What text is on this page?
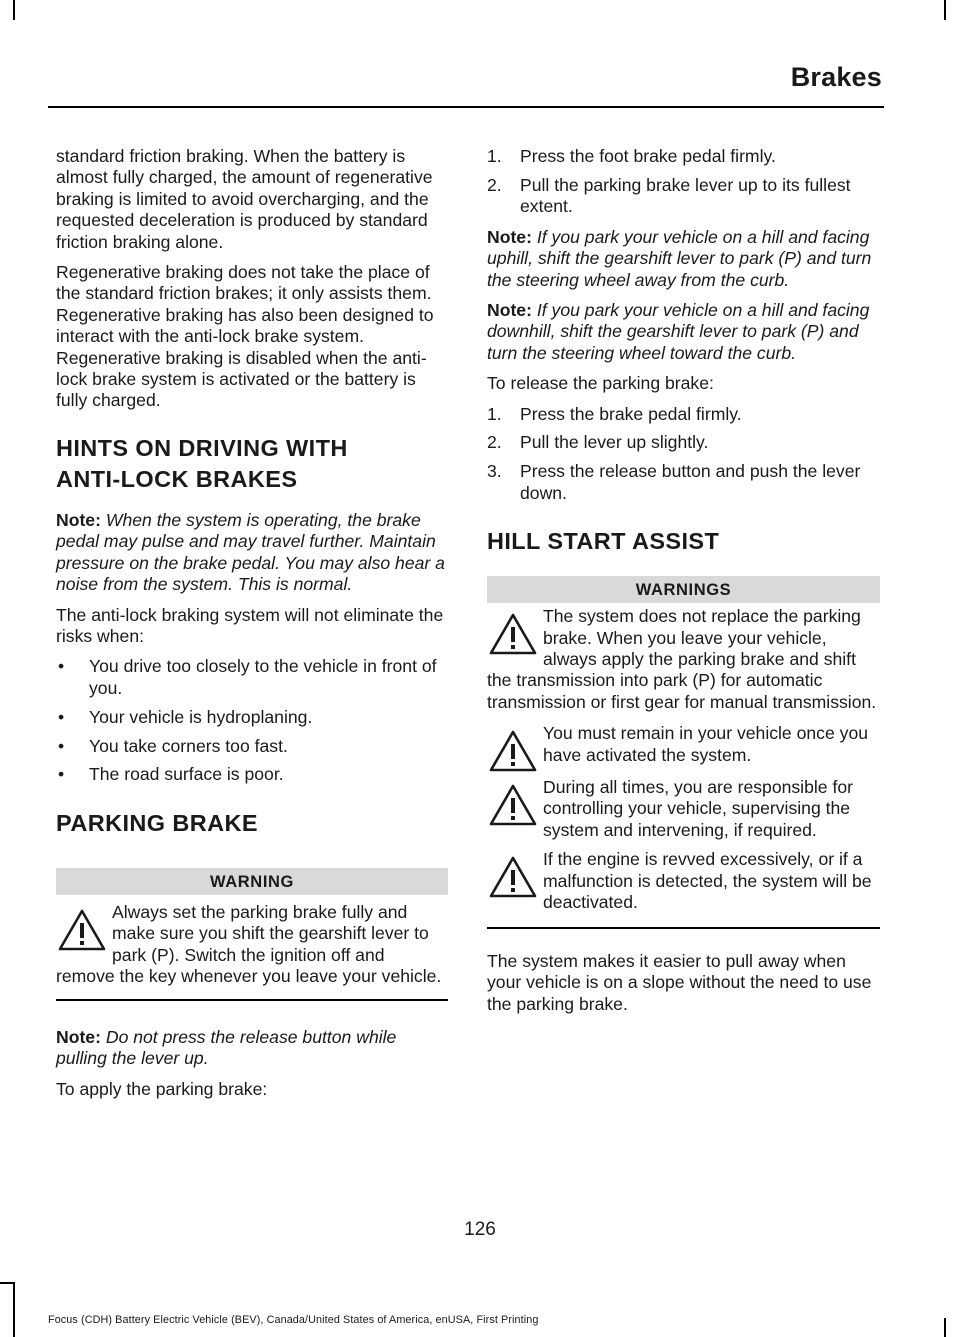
Brakes

standard friction braking. When the battery is almost fully charged, the amount of regenerative braking is limited to avoid overcharging, and the requested deceleration is produced by standard friction braking alone.

Regenerative braking does not take the place of the standard friction brakes; it only assists them. Regenerative braking has also been designed to interact with the anti-lock brake system. Regenerative braking is disabled when the anti-lock brake system is activated or the battery is fully charged.

HINTS ON DRIVING WITH
ANTI-LOCK BRAKES

Note: When the system is operating, the brake pedal may pulse and may travel further. Maintain pressure on the brake pedal. You may also hear a noise from the system. This is normal.

The anti-lock braking system will not eliminate the risks when:

• You drive too closely to the vehicle in front of you.
• Your vehicle is hydroplaning.
• You take corners too fast.
• The road surface is poor.
PARKING BRAKE
WARNING
Always set the parking brake fully and make sure you shift the gearshift lever to park (P). Switch the ignition off and remove the key whenever you leave your vehicle.

Note: Do not press the release button while pulling the lever up.

To apply the parking brake:

1. Press the foot brake pedal firmly.
2. Pull the parking brake lever up to its fullest extent.

Note: If you park your vehicle on a hill and facing uphill, shift the gearshift lever to park (P) and turn the steering wheel away from the curb.

Note: If you park your vehicle on a hill and facing downhill, shift the gearshift lever to park (P) and turn the steering wheel toward the curb.

To release the parking brake:

1. Press the brake pedal firmly.
2. Pull the lever up slightly.
3. Press the release button and push the lever down.
HILL START ASSIST
WARNINGS
The system does not replace the parking brake. When you leave your vehicle, always apply the parking brake and shift the transmission into park (P) for automatic transmission or first gear for manual transmission.
You must remain in your vehicle once you have activated the system.
During all times, you are responsible for controlling your vehicle, supervising the system and intervening, if required.
If the engine is revved excessively, or if a malfunction is detected, the system will be deactivated.

The system makes it easier to pull away when your vehicle is on a slope without the need to use the parking brake.

126
Focus (CDH) Battery Electric Vehicle (BEV), Canada/United States of America, enUSA, First Printing
